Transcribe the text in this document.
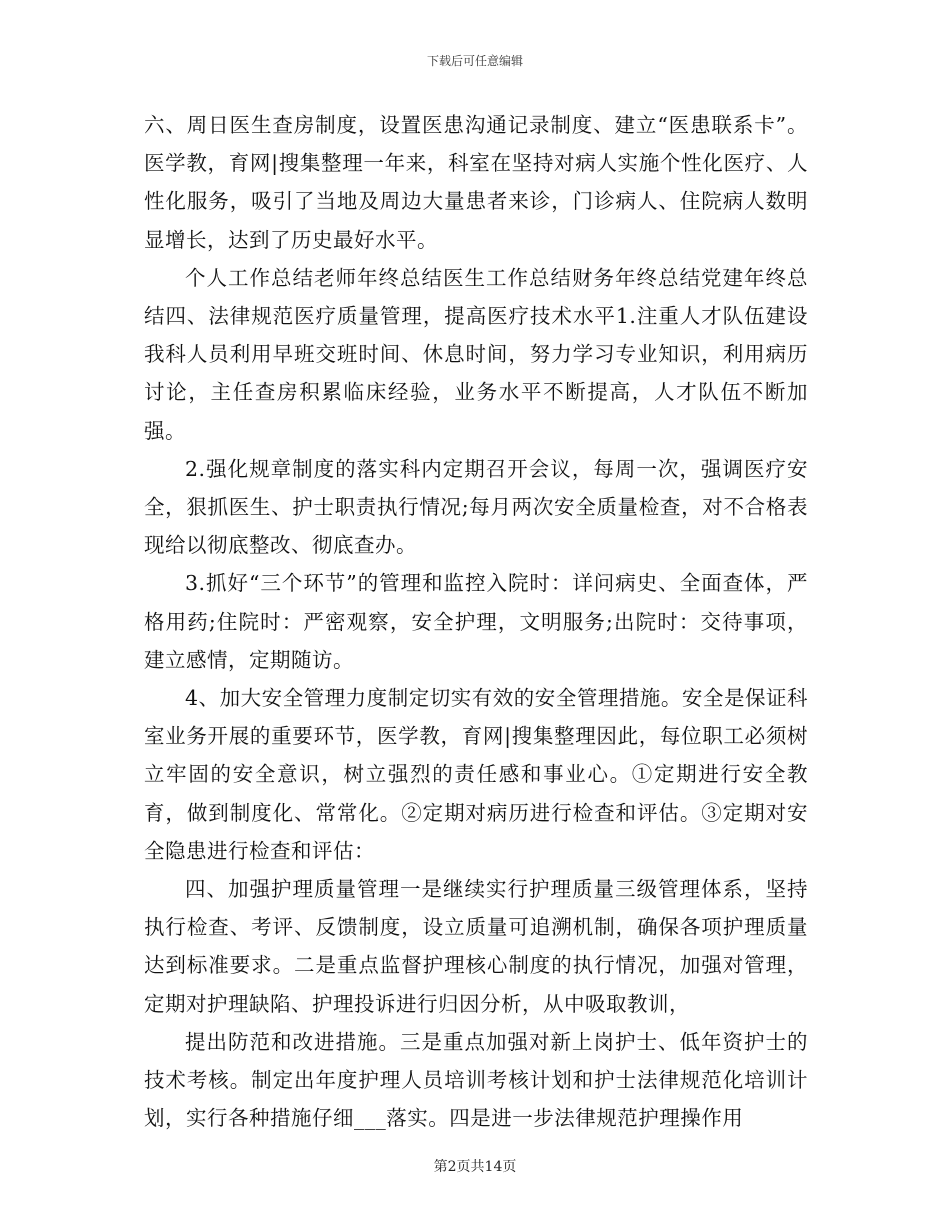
下载后可任意编辑

六、周日医生查房制度，设置医患沟通记录制度、建立“医患联系卡”。医学教，育网|搜集整理一年来，科室在坚持对病人实施个性化医疗、人性化服务，吸引了当地及周边大量患者来诊，门诊病人、住院病人数明显增长，达到了历史最好水平。

个人工作总结老师年终总结医生工作总结财务年终总结党建年终总结四、法律规范医疗质量管理，提高医疗技术水平1.注重人才队伍建设我科人员利用早班交班时间、休息时间，努力学习专业知识，利用病历讨论，主任查房积累临床经验，业务水平不断提高，人才队伍不断加强。

2.强化规章制度的落实科内定期召开会议，每周一次，强调医疗安全，狠抓医生、护士职责执行情况;每月两次安全质量检查，对不合格表现给以彻底整改、彻底查办。

3.抓好“三个环节”的管理和监控入院时：详问病史、全面查体，严格用药;住院时：严密观察，安全护理，文明服务;出院时：交待事项，建立感情，定期随访。

4、加大安全管理力度制定切实有效的安全管理措施。安全是保证科室业务开展的重要环节，医学教，育网|搜集整理因此，每位职工必须树立牢固的安全意识，树立强烈的责任感和事业心。①定期进行安全教育，做到制度化、常常化。②定期对病历进行检查和评估。③定期对安全隐患进行检查和评估：

四、加强护理质量管理一是继续实行护理质量三级管理体系，坚持执行检查、考评、反馈制度，设立质量可追溯机制，确保各项护理质量达到标准要求。二是重点监督护理核心制度的执行情况，加强对管理，定期对护理缺陷、护理投诉进行归因分析，从中吸取教训，

提出防范和改进措施。三是重点加强对新上岗护士、低年资护士的技术考核。制定出年度护理人员培训考核计划和护士法律规范化培训计划，实行各种措施仔细___落实。四是进一步法律规范护理操作用

第2页共14页
